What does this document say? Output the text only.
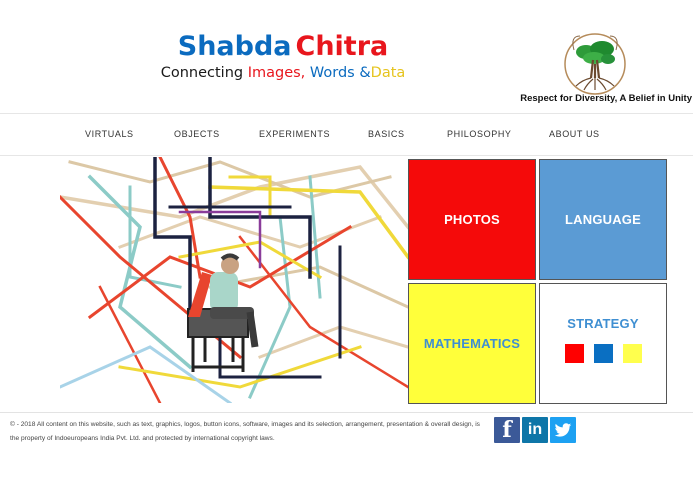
Shabda Chitra
Connecting Images, Words &Data
Respect for Diversity, A Belief in Unity
VIRTUALS	OBJECTS	EXPERIMENTS	BASICS	PHILOSOPHY	ABOUT US
PHOTOS	LANGUAGE
MATHEMATICS
STRATEGY
© - 2018 All content on this website, such as text, graphics, logos, button icons, software, images and its selection, arrangement, presentation & overall design, is the property of Indoeuropeans India Pvt. Ltd. and protected by international copyright laws.	f	in
